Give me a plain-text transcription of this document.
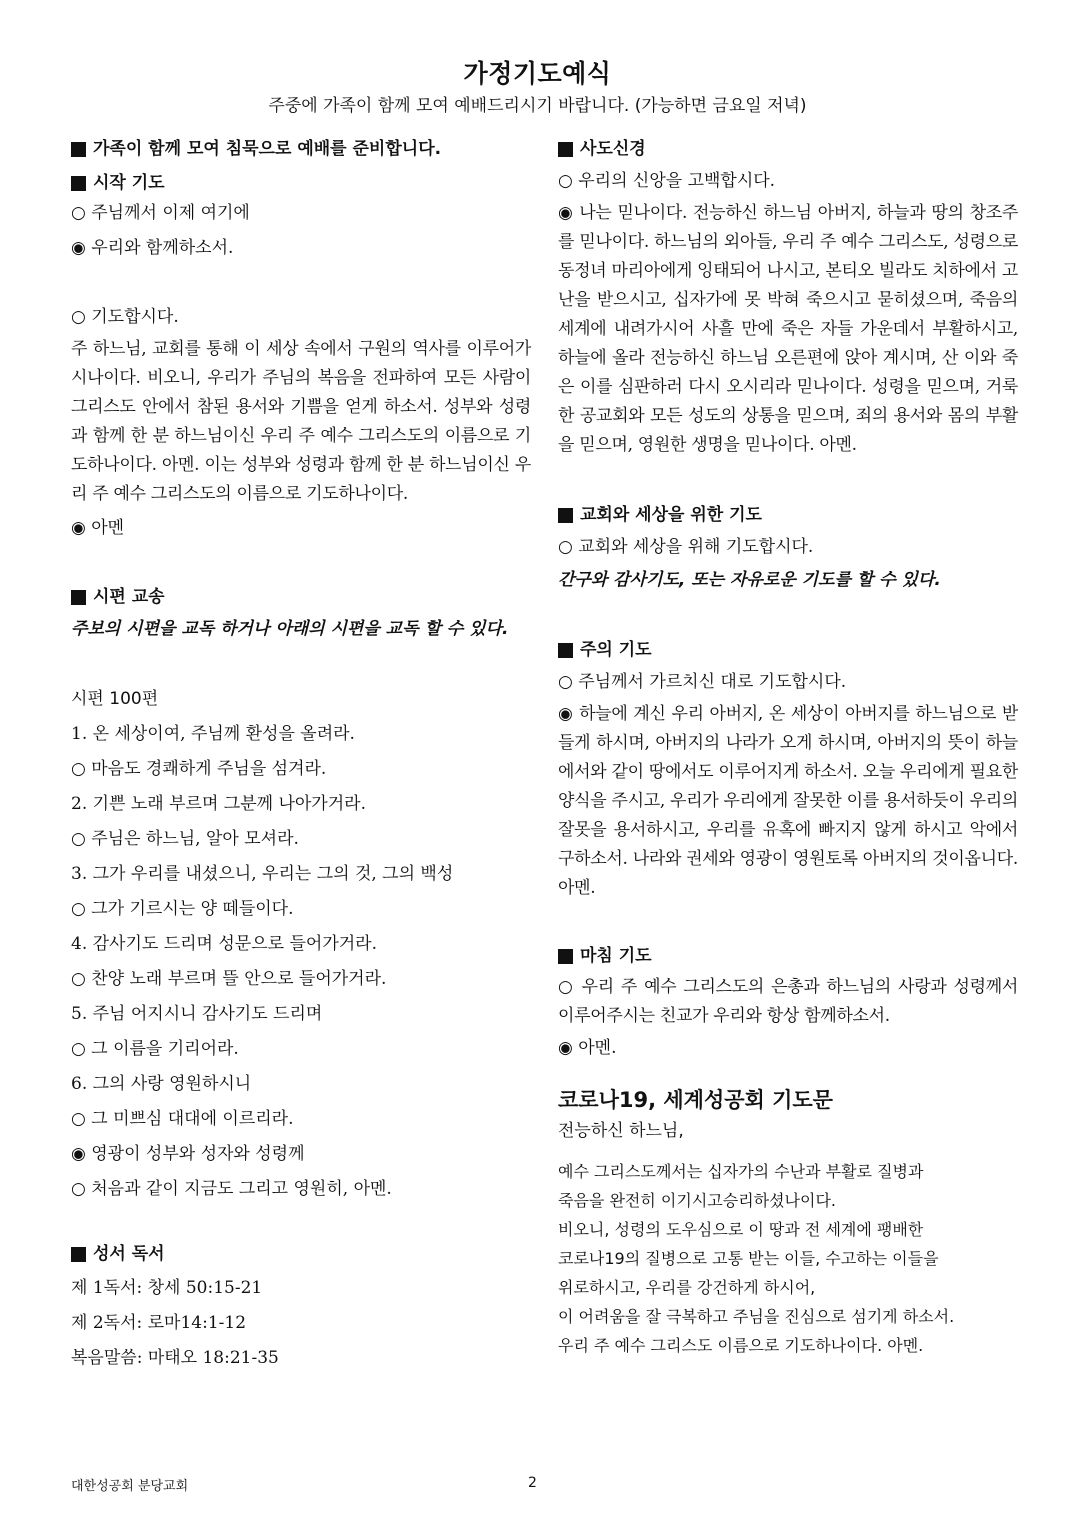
가정기도예식
주중에 가족이 함께 모여 예배드리시기 바랍니다. (가능하면 금요일 저녁)
가족이 함께 모여 침묵으로 예배를 준비합니다.
시작 기도
○ 주님께서 이제 여기에
◉ 우리와 함께하소서.
○ 기도합시다.
주 하느님, 교회를 통해 이 세상 속에서 구원의 역사를 이루어가시나이다. 비오니, 우리가 주님의 복음을 전파하여 모든 사람이 그리스도 안에서 참된 용서와 기쁨을 얻게 하소서. 성부와 성령과 함께 한 분 하느님이신 우리 주 예수 그리스도의 이름으로 기도하나이다. 아멘. 이는 성부와 성령과 함께 한 분 하느님이신 우리 주 예수 그리스도의 이름으로 기도하나이다.
◉ 아멘
시편 교송
주보의 시편을 교독 하거나 아래의 시편을 교독 할 수 있다.
시편 100편
1. 온 세상이여, 주님께 환성을 올려라.
○ 마음도 경쾌하게 주님을 섬겨라.
2. 기쁜 노래 부르며 그분께 나아가거라.
○ 주님은 하느님, 알아 모셔라.
3. 그가 우리를 내셨으니, 우리는 그의 것, 그의 백성
○ 그가 기르시는 양 떼들이다.
4. 감사기도 드리며 성문으로 들어가거라.
○ 찬양 노래 부르며 뜰 안으로 들어가거라.
5. 주님 어지시니 감사기도 드리며
○ 그 이름을 기리어라.
6. 그의 사랑 영원하시니
○ 그 미쁘심 대대에 이르리라.
◉ 영광이 성부와 성자와 성령께
○ 처음과 같이 지금도 그리고 영원히, 아멘.
성서 독서
제 1독서: 창세 50:15-21
제 2독서: 로마14:1-12
복음말씀: 마태오 18:21-35
사도신경
○ 우리의 신앙을 고백합시다.
◉ 나는 믿나이다. 전능하신 하느님 아버지, 하늘과 땅의 창조주를 믿나이다. 하느님의 외아들, 우리 주 예수 그리스도, 성령으로 동정녀 마리아에게 잉태되어 나시고, 본티오 빌라도 치하에서 고난을 받으시고, 십자가에 못 박혀 죽으시고 묻히셨으며, 죽음의 세계에 내려가시어 사흘 만에 죽은 자들 가운데서 부활하시고, 하늘에 올라 전능하신 하느님 오른편에 앉아 계시며, 산 이와 죽은 이를 심판하러 다시 오시리라 믿나이다. 성령을 믿으며, 거룩한 공교회와 모든 성도의 상통을 믿으며, 죄의 용서와 몸의 부활을 믿으며, 영원한 생명을 믿나이다. 아멘.
교회와 세상을 위한 기도
○ 교회와 세상을 위해 기도합시다.
간구와 감사기도, 또는 자유로운 기도를 할 수 있다.
주의 기도
○ 주님께서 가르치신 대로 기도합시다.
◉ 하늘에 계신 우리 아버지, 온 세상이 아버지를 하느님으로 받들게 하시며, 아버지의 나라가 오게 하시며, 아버지의 뜻이 하늘에서와 같이 땅에서도 이루어지게 하소서. 오늘 우리에게 필요한 양식을 주시고, 우리가 우리에게 잘못한 이를 용서하듯이 우리의 잘못을 용서하시고, 우리를 유혹에 빠지지 않게 하시고 악에서 구하소서. 나라와 권세와 영광이 영원토록 아버지의 것이옵니다. 아멘.
마침 기도
○ 우리 주 예수 그리스도의 은총과 하느님의 사랑과 성령께서 이루어주시는 친교가 우리와 항상 함께하소서.
◉ 아멘.
코로나19, 세계성공회 기도문
전능하신 하느님,
예수 그리스도께서는 십자가의 수난과 부활로 질병과
죽음을 완전히 이기시고승리하셨나이다.
비오니, 성령의 도우심으로 이 땅과 전 세계에 팽배한
코로나19의 질병으로 고통 받는 이들, 수고하는 이들을
위로하시고, 우리를 강건하게 하시어,
이 어려움을 잘 극복하고 주님을 진심으로 섬기게 하소서.
우리 주 예수 그리스도 이름으로 기도하나이다. 아멘.
대한성공회 분당교회	2
